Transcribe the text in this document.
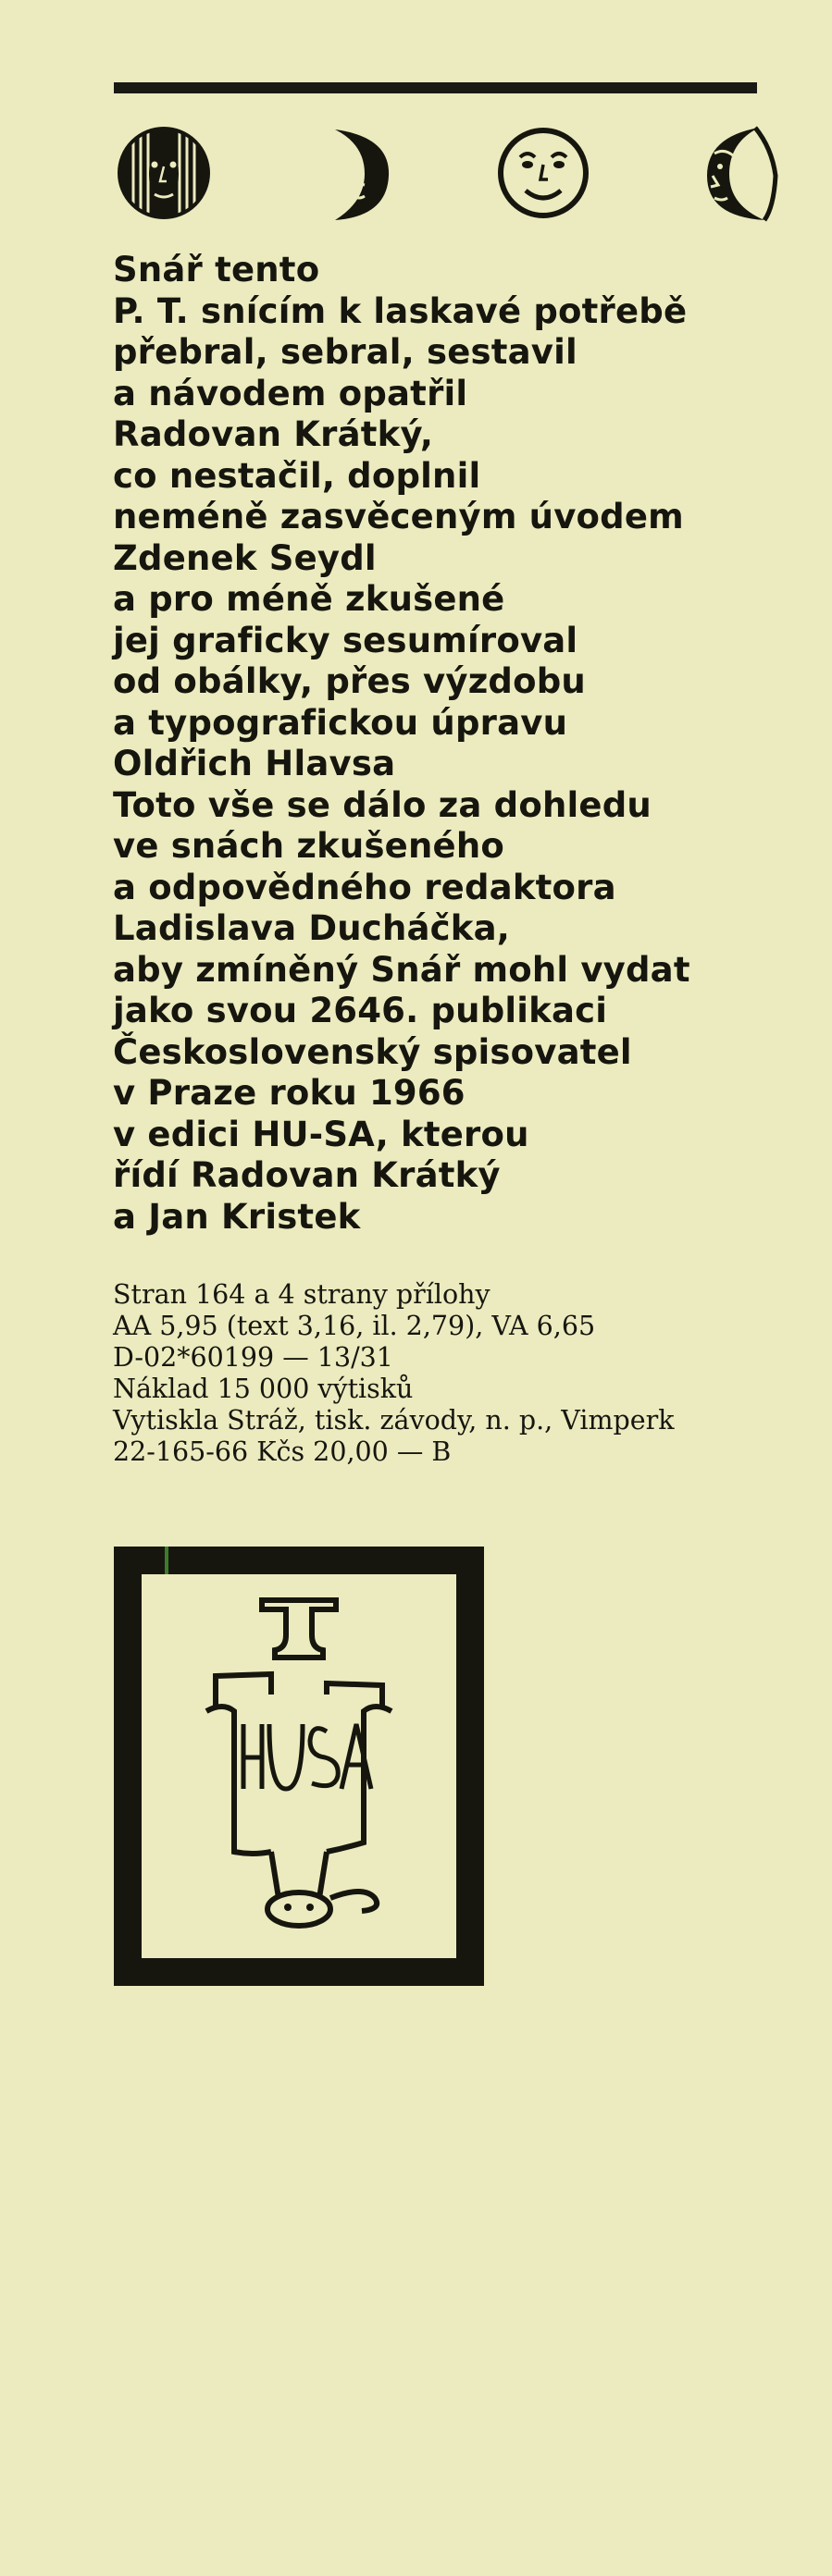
Snář tento
P. T. snícím k laskavé potřebě
přebral, sebral, sestavil
a návodem opatřil
Radovan Krátký,
co nestačil, doplnil
neméně zasvěceným úvodem
Zdenek Seydl
a pro méně zkušené
jej graficky sesumíroval
od obálky, přes výzdobu
a typografickou úpravu
Oldřich Hlavsa
Toto vše se dálo za dohledu
ve snách zkušeného
a odpovědného redaktora
Ladislava Ducháčka,
aby zmíněný Snář mohl vydat
jako svou 2646. publikaci
Československý spisovatel
v Praze roku 1966
v edici HU-SA, kterou
řídí Radovan Krátký
a Jan Kristek
Stran 164 a 4 strany přílohy
AA 5,95 (text 3,16, il. 2,79), VA 6,65
D-02*60199 — 13/31
Náklad 15 000 výtisků
Vytiskla Stráž, tisk. závody, n. p., Vimperk
22-165-66 Kčs 20,00 — B
